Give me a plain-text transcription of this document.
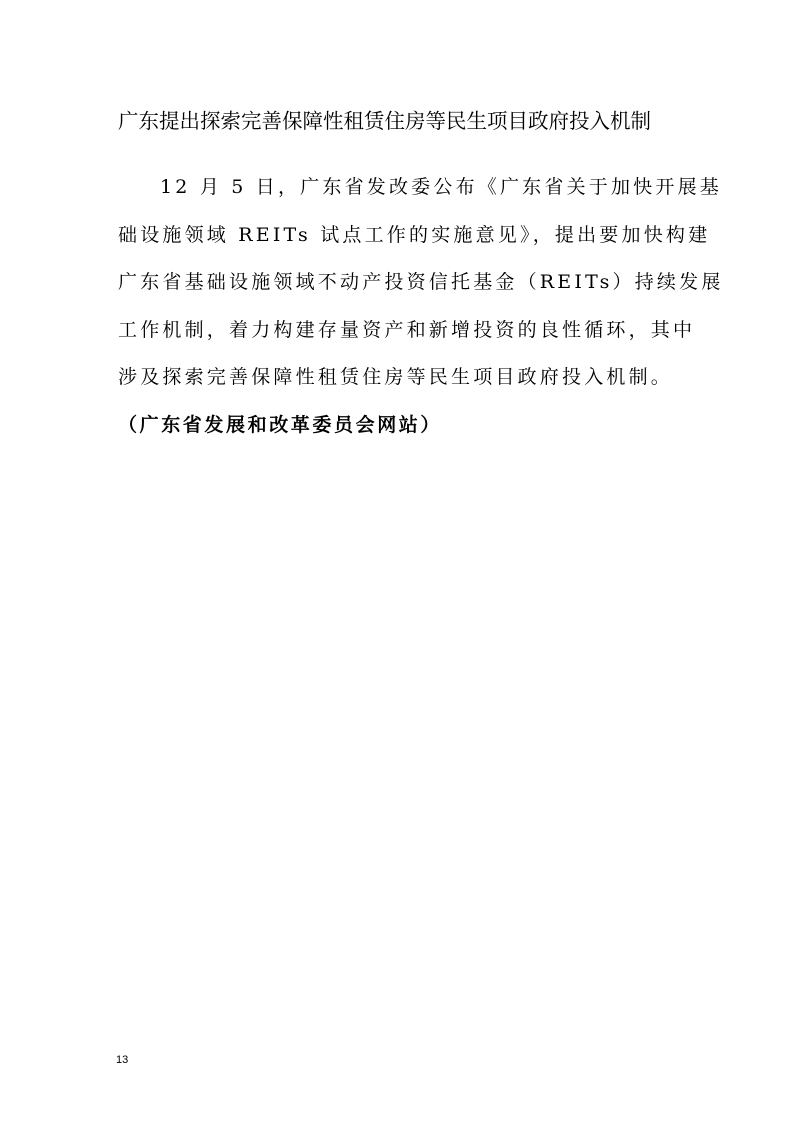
广东提出探索完善保障性租赁住房等民生项目政府投入机制
12 月 5 日，广东省发改委公布《广东省关于加快开展基
础设施领域 REITs 试点工作的实施意见》，提出要加快构建
广东省基础设施领域不动产投资信托基金（REITs）持续发展
工作机制，着力构建存量资产和新增投资的良性循环，其中
涉及探索完善保障性租赁住房等民生项目政府投入机制。
（广东省发展和改革委员会网站）
13
